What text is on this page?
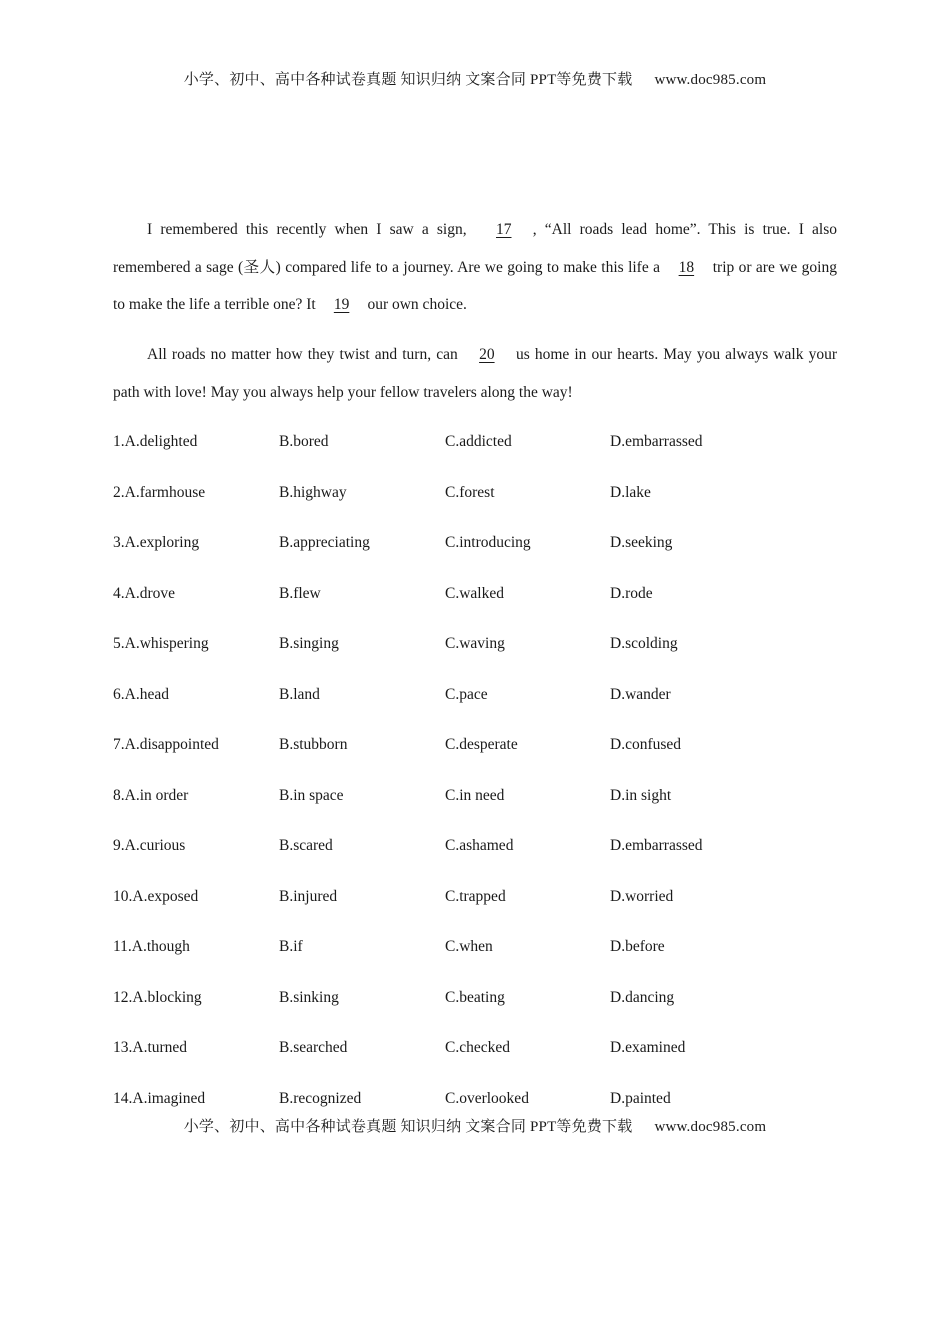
小学、初中、高中各种试卷真题 知识归纳 文案合同 PPT等免费下载 www.doc985.com
I remembered this recently when I saw a sign, 17 , “All roads lead home”. This is true. I also remembered a sage (圣人) compared life to a journey. Are we going to make this life a 18 trip or are we going to make the life a terrible one? It 19 our own choice.
All roads no matter how they twist and turn, can 20 us home in our hearts. May you always walk your path with love! May you always help your fellow travelers along the way!
1.A.delighted	B.bored	C.addicted	D.embarrassed
2.A.farmhouse	B.highway	C.forest	D.lake
3.A.exploring	B.appreciating	C.introducing	D.seeking
4.A.drove	B.flew	C.walked	D.rode
5.A.whispering	B.singing	C.waving	D.scolding
6.A.head	B.land	C.pace	D.wander
7.A.disappointed	B.stubborn	C.desperate	D.confused
8.A.in order	B.in space	C.in need	D.in sight
9.A.curious	B.scared	C.ashamed	D.embarrassed
10.A.exposed	B.injured	C.trapped	D.worried
11.A.though	B.if	C.when	D.before
12.A.blocking	B.sinking	C.beating	D.dancing
13.A.turned	B.searched	C.checked	D.examined
14.A.imagined	B.recognized	C.overlooked	D.painted
小学、初中、高中各种试卷真题 知识归纳 文案合同 PPT等免费下载 www.doc985.com
